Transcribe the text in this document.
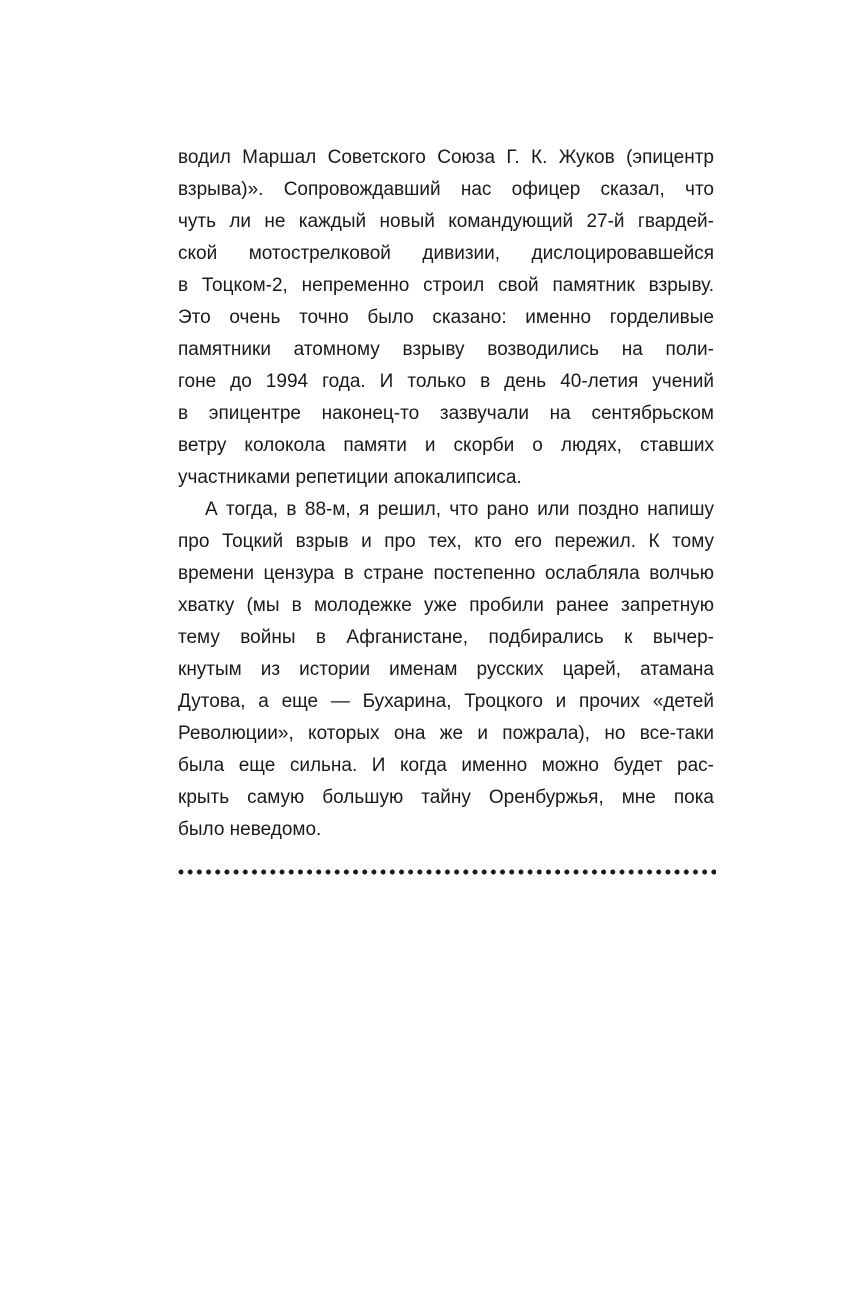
водил Маршал Советского Союза Г. К. Жуков (эпицентр
взрыва)». Сопровождавший нас офицер сказал, что
чуть ли не каждый новый командующий 27-й гвардей-
ской мотострелковой дивизии, дислоцировавшейся
в Тоцком-2, непременно строил свой памятник взрыву.
Это очень точно было сказано: именно горделивые
памятники атомному взрыву возводились на поли-
гоне до 1994 года. И только в день 40-летия учений
в эпицентре наконец-то зазвучали на сентябрьском
ветру колокола памяти и скорби о людях, ставших
участниками репетиции апокалипсиса.
А тогда, в 88-м, я решил, что рано или поздно напишу
про Тоцкий взрыв и про тех, кто его пережил. К тому
времени цензура в стране постепенно ослабляла волчью
хватку (мы в молодежке уже пробили ранее запретную
тему войны в Афганистане, подбирались к вычер-
кнутым из истории именам русских царей, атамана
Дутова, а еще — Бухарина, Троцкого и прочих «детей
Революции», которых она же и пожрала), но все-таки
была еще сильна. И когда именно можно будет рас-
крыть самую большую тайну Оренбуржья, мне пока
было неведомо.
